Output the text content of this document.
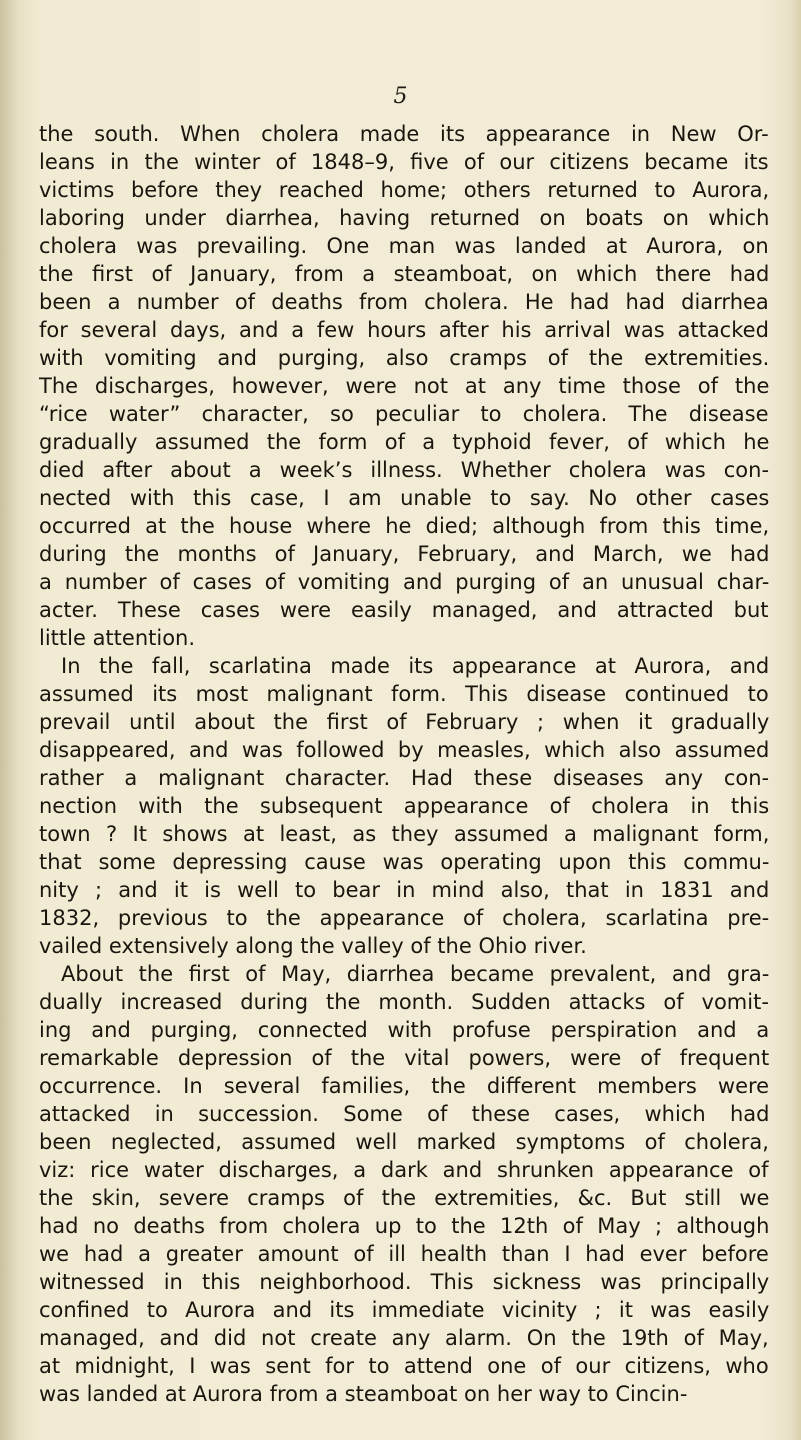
5
the south. When cholera made its appearance in New Or-
leans in the winter of 1848–9, five of our citizens became its
victims before they reached home; others returned to Aurora,
laboring under diarrhea, having returned on boats on which
cholera was prevailing. One man was landed at Aurora, on
the first of January, from a steamboat, on which there had
been a number of deaths from cholera. He had had diarrhea
for several days, and a few hours after his arrival was attacked
with vomiting and purging, also cramps of the extremities.
The discharges, however, were not at any time those of the
“rice water” character, so peculiar to cholera. The disease
gradually assumed the form of a typhoid fever, of which he
died after about a week’s illness. Whether cholera was con-
nected with this case, I am unable to say. No other cases
occurred at the house where he died; although from this time,
during the months of January, February, and March, we had
a number of cases of vomiting and purging of an unusual char-
acter. These cases were easily managed, and attracted but
little attention.
In the fall, scarlatina made its appearance at Aurora, and
assumed its most malignant form. This disease continued to
prevail until about the first of February ; when it gradually
disappeared, and was followed by measles, which also assumed
rather a malignant character. Had these diseases any con-
nection with the subsequent appearance of cholera in this
town ? It shows at least, as they assumed a malignant form,
that some depressing cause was operating upon this commu-
nity ; and it is well to bear in mind also, that in 1831 and
1832, previous to the appearance of cholera, scarlatina pre-
vailed extensively along the valley of the Ohio river.
About the first of May, diarrhea became prevalent, and gra-
dually increased during the month. Sudden attacks of vomit-
ing and purging, connected with profuse perspiration and a
remarkable depression of the vital powers, were of frequent
occurrence. In several families, the different members were
attacked in succession. Some of these cases, which had
been neglected, assumed well marked symptoms of cholera,
viz: rice water discharges, a dark and shrunken appearance of
the skin, severe cramps of the extremities, &c. But still we
had no deaths from cholera up to the 12th of May ; although
we had a greater amount of ill health than I had ever before
witnessed in this neighborhood. This sickness was principally
confined to Aurora and its immediate vicinity ; it was easily
managed, and did not create any alarm. On the 19th of May,
at midnight, I was sent for to attend one of our citizens, who
was landed at Aurora from a steamboat on her way to Cincin-
